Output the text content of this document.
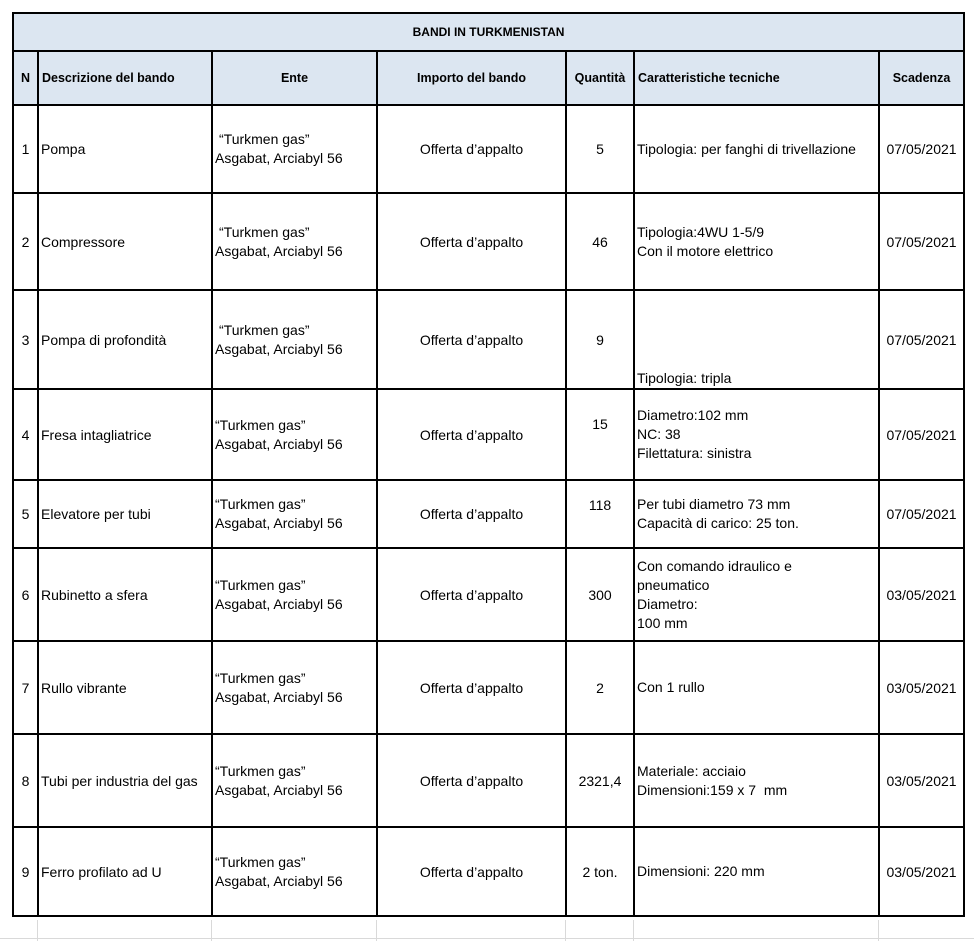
BANDI IN TURKMENISTAN						
N	Descrizione del bando	Ente	Importo del bando	Quantità	Caratteristiche tecniche	Scadenza
1	Pompa	“Turkmen gas”
Asgabat, Arciabyl 56	Offerta d’appalto	5	Tipologia: per fanghi di trivellazione	07/05/2021
2	Compressore	“Turkmen gas”
Asgabat, Arciabyl 56	Offerta d’appalto	46	Tipologia:4WU 1-5/9
Con il motore elettrico	07/05/2021
3	Pompa di profondità	“Turkmen gas”
Asgabat, Arciabyl 56	Offerta d’appalto	9	Tipologia: tripla	07/05/2021
4	Fresa intagliatrice	“Turkmen gas”
Asgabat, Arciabyl 56	Offerta d’appalto	15	Diametro:102 mm
NC: 38
Filettatura: sinistra	07/05/2021
5	Elevatore per tubi	“Turkmen gas”
Asgabat, Arciabyl 56	Offerta d’appalto	118	Per tubi diametro 73 mm
Capacità di carico: 25 ton.	07/05/2021
6	Rubinetto a sfera	“Turkmen gas”
Asgabat, Arciabyl 56	Offerta d’appalto	300	Con comando idraulico e
pneumatico
Diametro:
100 mm	03/05/2021
7	Rullo vibrante	“Turkmen gas”
Asgabat, Arciabyl 56	Offerta d’appalto	2	Con 1 rullo	03/05/2021
8	Tubi per industria del gas	“Turkmen gas”
Asgabat, Arciabyl 56	Offerta d’appalto	2321,4	Materiale: acciaio
Dimensioni:159 x 7  mm	03/05/2021
9	Ferro profilato ad U	“Turkmen gas”
Asgabat, Arciabyl 56	Offerta d’appalto	2 ton.	Dimensioni: 220 mm	03/05/2021
